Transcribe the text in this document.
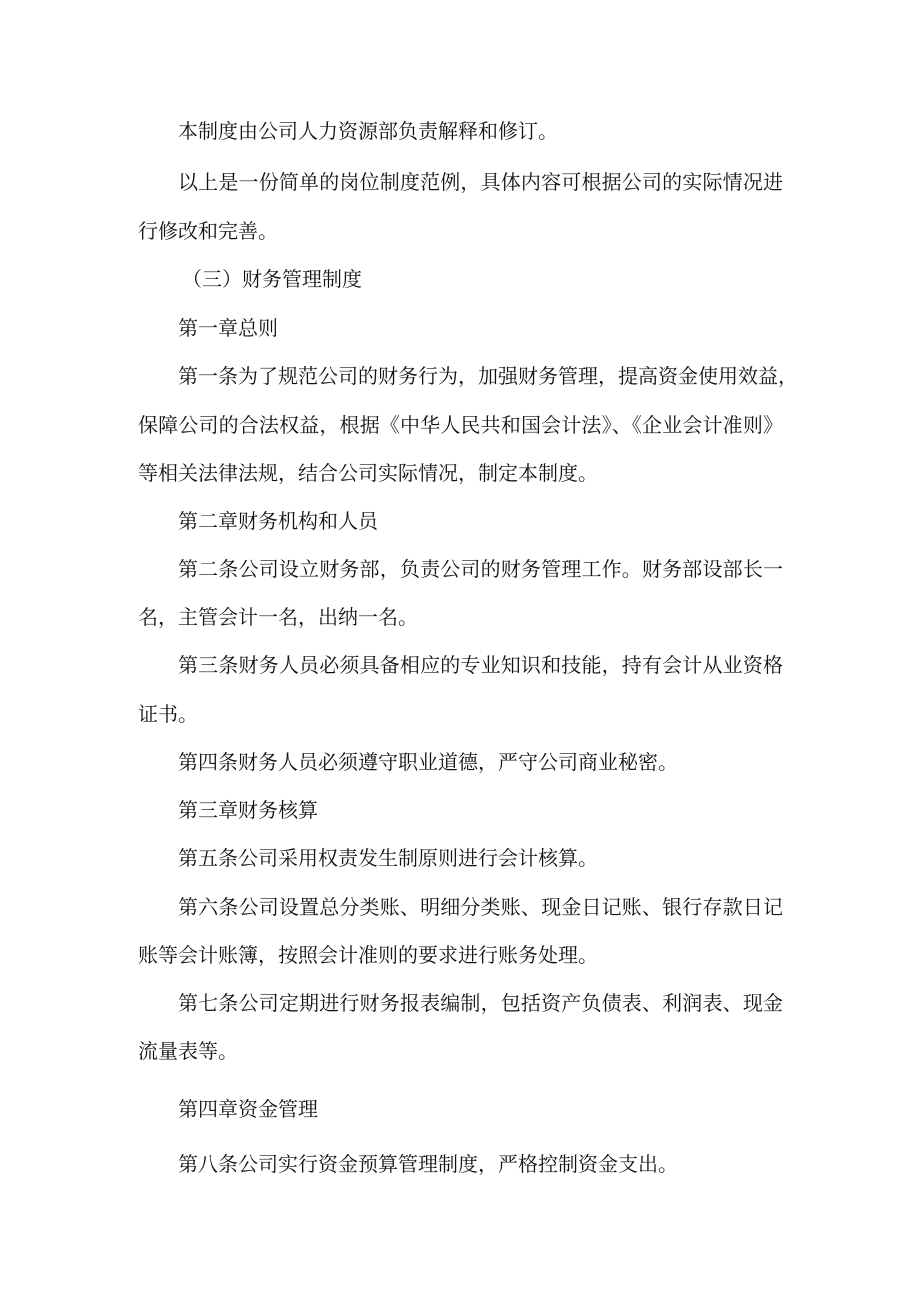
本制度由公司人力资源部负责解释和修订。

以上是一份简单的岗位制度范例，具体内容可根据公司的实际情况进

行修改和完善。

（三）财务管理制度

第一章总则

第一条为了规范公司的财务行为，加强财务管理，提高资金使用效益，

保障公司的合法权益，根据《中华人民共和国会计法》、《企业会计准则》

等相关法律法规，结合公司实际情况，制定本制度。

第二章财务机构和人员

第二条公司设立财务部，负责公司的财务管理工作。财务部设部长一

名，主管会计一名，出纳一名。

第三条财务人员必须具备相应的专业知识和技能，持有会计从业资格

证书。

第四条财务人员必须遵守职业道德，严守公司商业秘密。

第三章财务核算

第五条公司采用权责发生制原则进行会计核算。

第六条公司设置总分类账、明细分类账、现金日记账、银行存款日记

账等会计账簿，按照会计准则的要求进行账务处理。

第七条公司定期进行财务报表编制，包括资产负债表、利润表、现金

流量表等。

第四章资金管理

第八条公司实行资金预算管理制度，严格控制资金支出。
